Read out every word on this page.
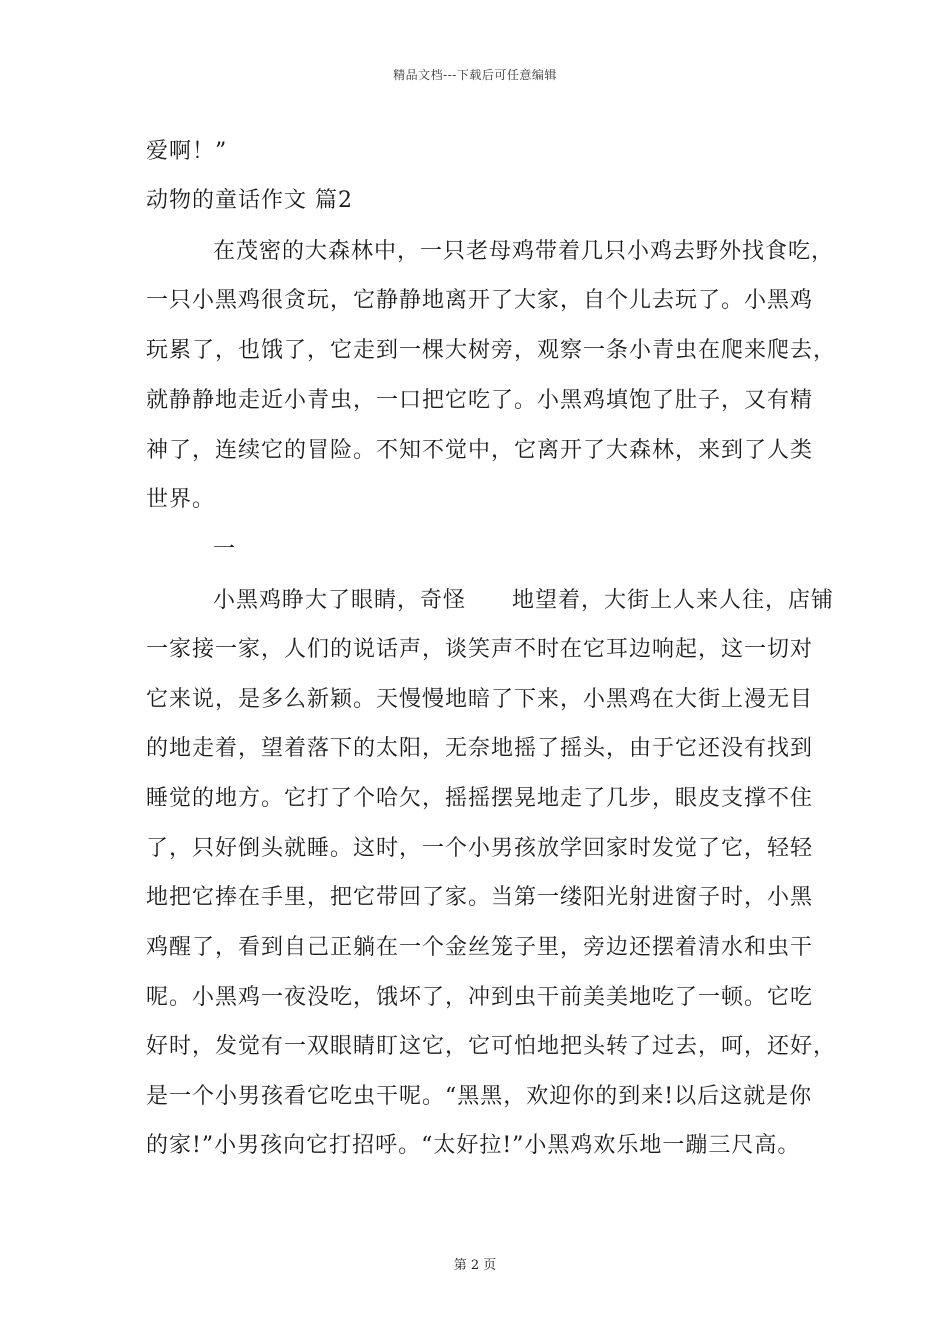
精品文档---下载后可任意编辑
爱啊！”
动物的童话作文 篇2
在茂密的大森林中，一只老母鸡带着几只小鸡去野外找食吃，
一只小黑鸡很贪玩，它静静地离开了大家，自个儿去玩了。小黑鸡
玩累了，也饿了，它走到一棵大树旁，观察一条小青虫在爬来爬去，
就静静地走近小青虫，一口把它吃了。小黑鸡填饱了肚子，又有精
神了，连续它的冒险。不知不觉中，它离开了大森林，来到了人类
世界。
一
小黑鸡睁大了眼睛，奇怪　　地望着，大街上人来人往，店铺
一家接一家，人们的说话声，谈笑声不时在它耳边响起，这一切对
它来说，是多么新颖。天慢慢地暗了下来，小黑鸡在大街上漫无目
的地走着，望着落下的太阳，无奈地摇了摇头，由于它还没有找到
睡觉的地方。它打了个哈欠，摇摇摆晃地走了几步，眼皮支撑不住
了，只好倒头就睡。这时，一个小男孩放学回家时发觉了它，轻轻
地把它捧在手里，把它带回了家。当第一缕阳光射进窗子时，小黑
鸡醒了，看到自己正躺在一个金丝笼子里，旁边还摆着清水和虫干
呢。小黑鸡一夜没吃，饿坏了，冲到虫干前美美地吃了一顿。它吃
好时，发觉有一双眼睛盯这它，它可怕地把头转了过去，呵，还好，
是一个小男孩看它吃虫干呢。“黑黑，欢迎你的到来!以后这就是你
的家!”小男孩向它打招呼。“太好拉!”小黑鸡欢乐地一蹦三尺高。
第 2 页
